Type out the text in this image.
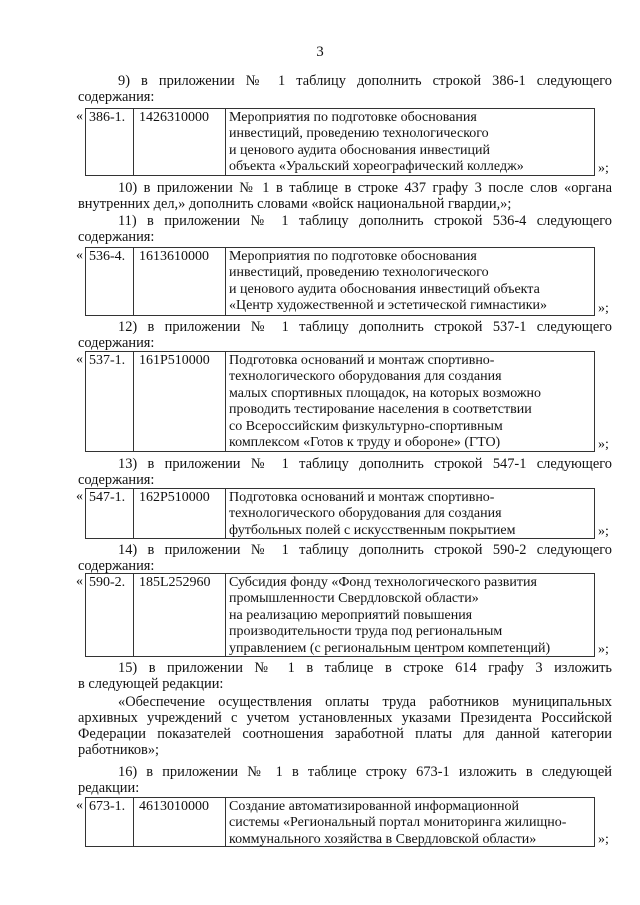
3
9) в приложении № 1 таблицу дополнить строкой 386-1 следующего
содержания:
« 386-1. 1426310000	Мероприятия по подготовке обоснования
инвестиций, проведению технологического
и ценового аудита обоснования инвестиций
объекта «Уральский хореографический колледж»	»;
10) в приложении № 1 в таблице в строке 437 графу 3 после слов «органа
внутренних дел,» дополнить словами «войск национальной гвардии,»;
11) в приложении № 1 таблицу дополнить строкой 536-4 следующего
содержания:
« 536-4. 1613610000	Мероприятия по подготовке обоснования
инвестиций, проведению технологического
и ценового аудита обоснования инвестиций объекта
«Центр художественной и эстетической гимнастики»	»;
12) в приложении № 1 таблицу дополнить строкой 537-1 следующего
содержания:
« 537-1. 161P510000	Подготовка оснований и монтаж спортивно-
технологического оборудования для создания
малых спортивных площадок, на которых возможно
проводить тестирование населения в соответствии
со Всероссийским физкультурно-спортивным
комплексом «Готов к труду и обороне» (ГТО)	»;
13) в приложении № 1 таблицу дополнить строкой 547-1 следующего
содержания:
« 547-1. 162P510000	Подготовка оснований и монтаж спортивно-
технологического оборудования для создания
футбольных полей с искусственным покрытием	»;
14) в приложении № 1 таблицу дополнить строкой 590-2 следующего
содержания:
« 590-2. 185L252960	Субсидия фонду «Фонд технологического развития
промышленности Свердловской области»
на реализацию мероприятий повышения
производительности труда под региональным
управлением (с региональным центром компетенций)	»;
15) в приложении № 1 в таблице в строке 614 графу 3 изложить
в следующей редакции:
«Обеспечение осуществления оплаты труда работников муниципальных
архивных учреждений с учетом установленных указами Президента Российской
Федерации показателей соотношения заработной платы для данной категории
работников»;
16) в приложении № 1 в таблице строку 673-1 изложить в следующей
редакции:
« 673-1. 4613010000	Создание автоматизированной информационной
системы «Региональный портал мониторинга жилищно-
коммунального хозяйства в Свердловской области»	»;
